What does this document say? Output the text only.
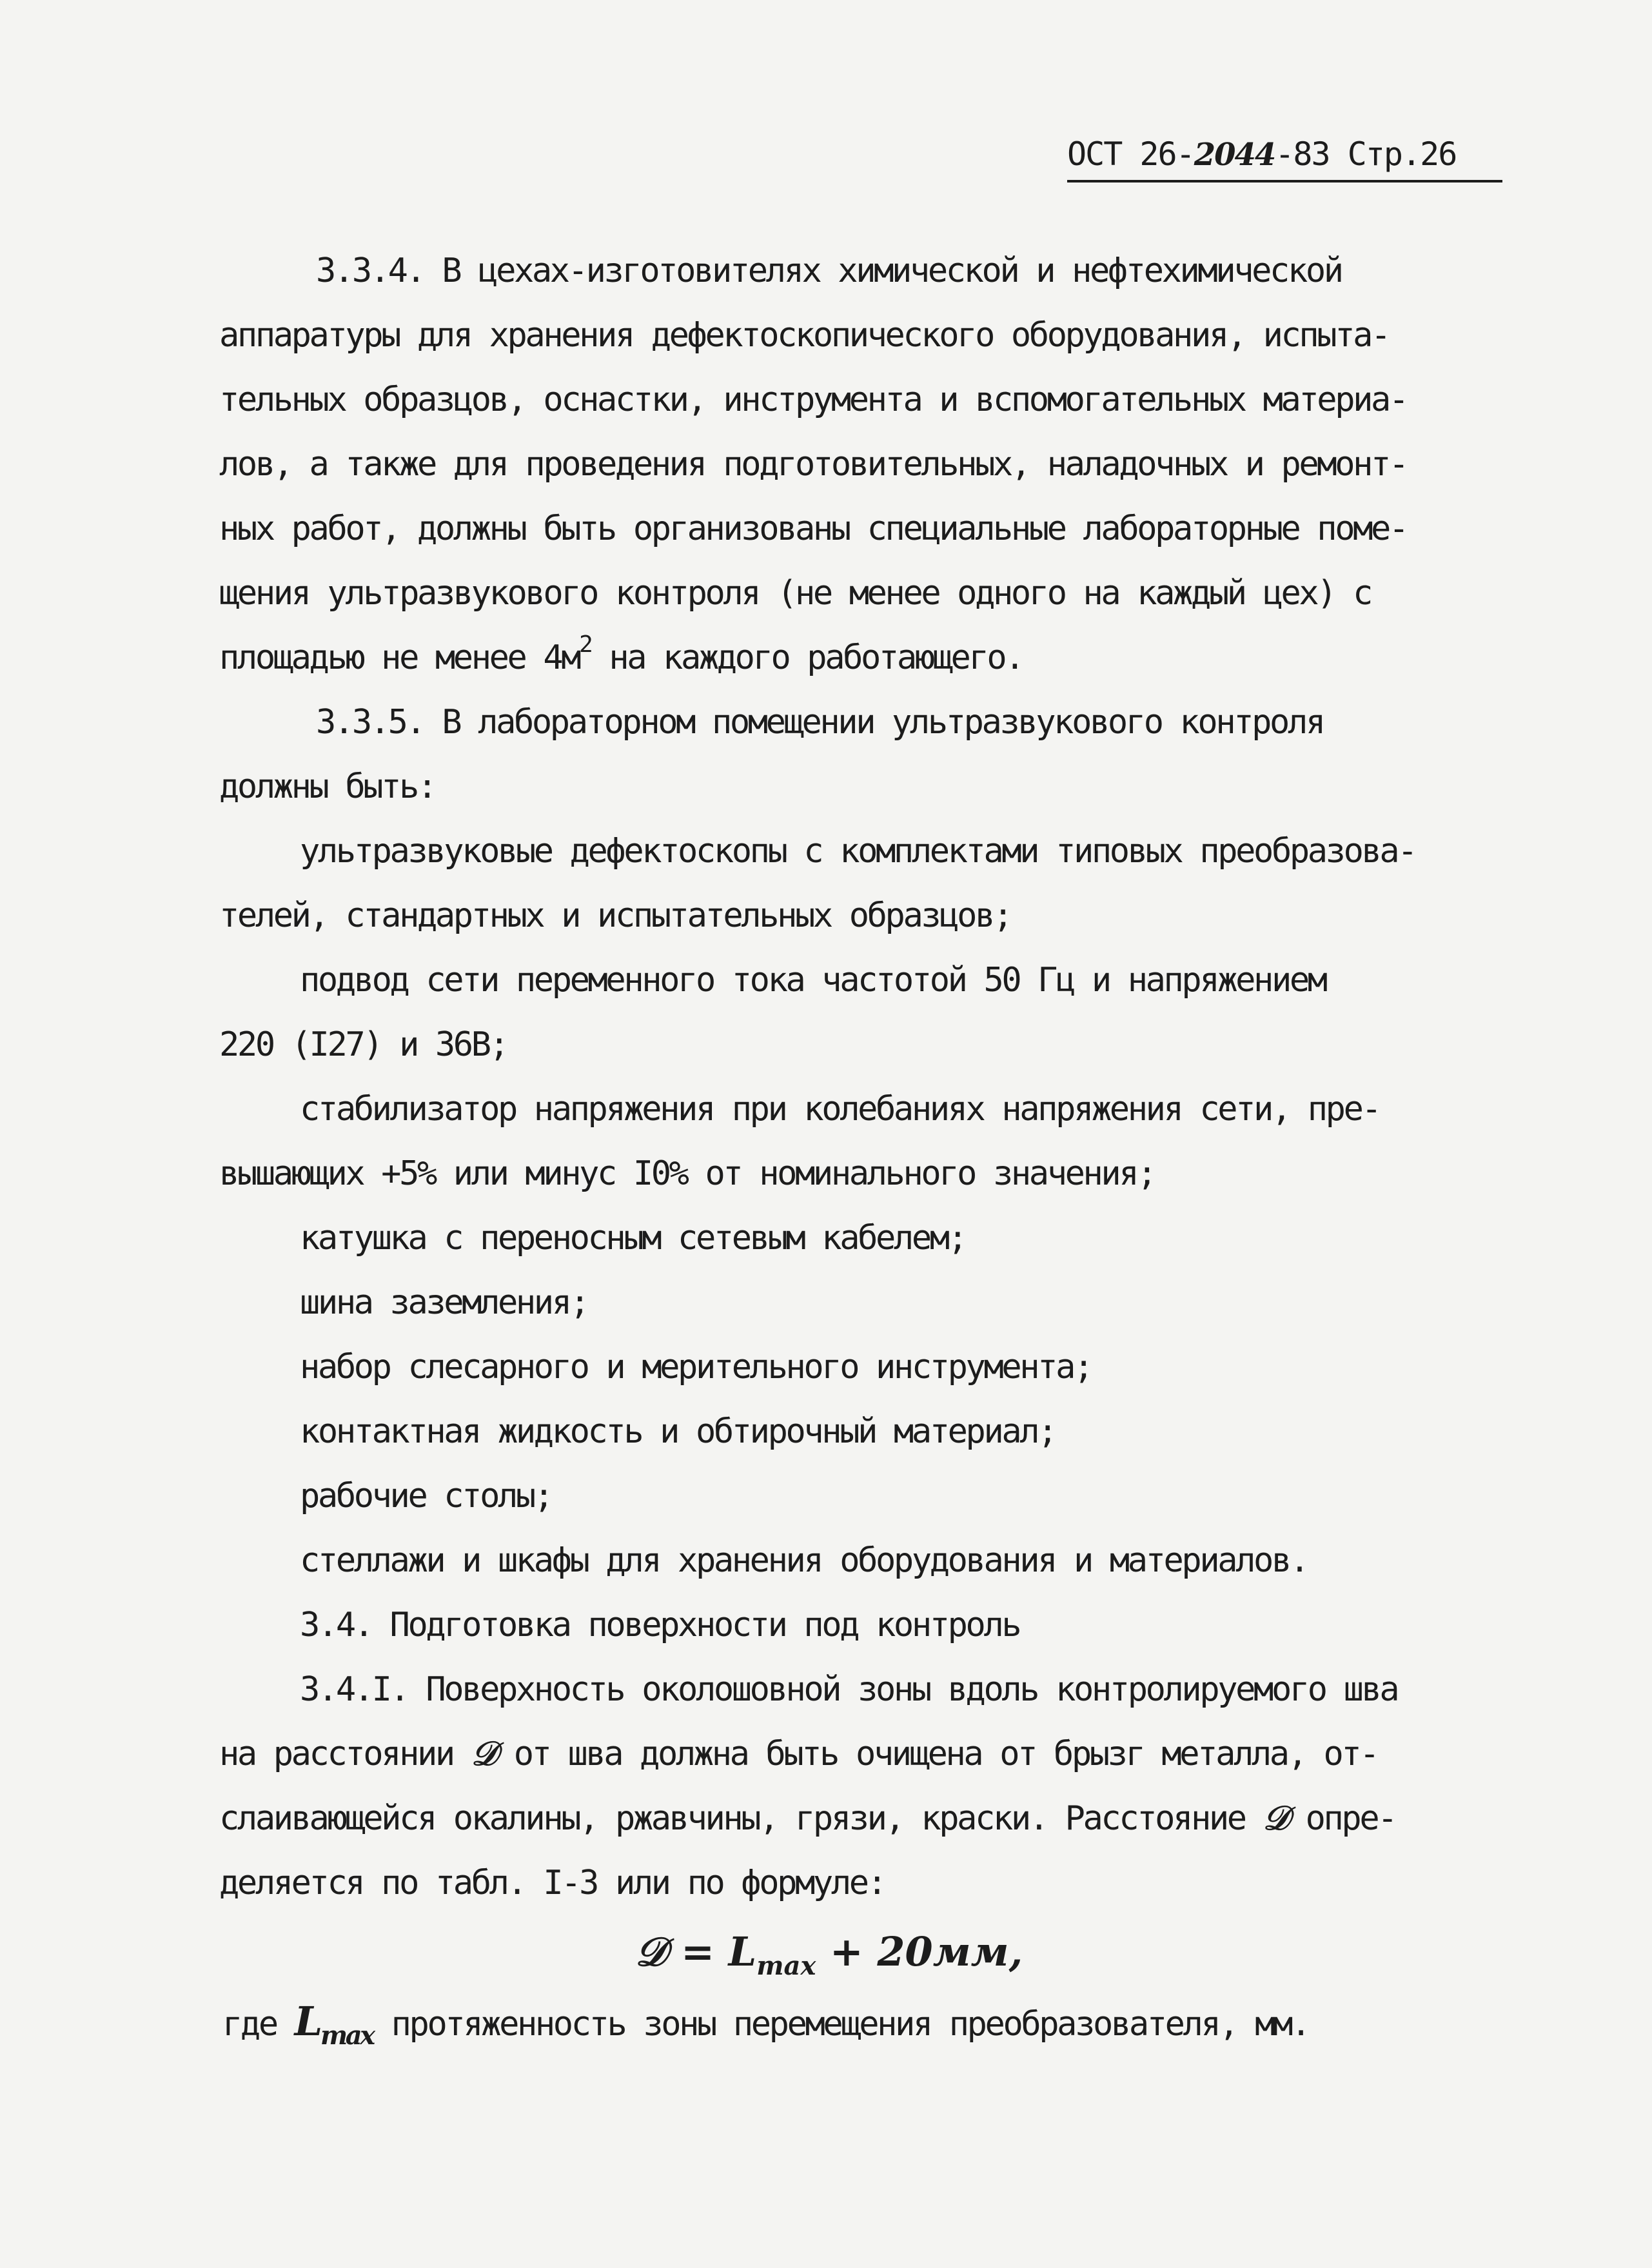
ОСТ 26-2044-83 Стр.26
3.3.4. В цехах-изготовителях химической и нефтехимической
аппаратуры для хранения дефектоскопического оборудования, испыта-
тельных образцов, оснастки, инструмента и вспомогательных материа-
лов, а также для проведения подготовительных, наладочных и ремонт-
ных работ, должны быть организованы специальные лабораторные поме-
щения ультразвукового контроля (не менее одного на каждый цех) с
площадью не менее $4м^2$ на каждого работающего.
3.3.5. В лабораторном помещении ультразвукового контроля
должны быть:
ультразвуковые дефектоскопы с комплектами типовых преобразова-
телей, стандартных и испытательных образцов;
подвод сети переменного тока частотой 50 Гц и напряжением
220 (I27) и 36В;
стабилизатор напряжения при колебаниях напряжения сети, пре-
вышающих +5% или минус I0% от номинального значения;
катушка с переносным сетевым кабелем;
шина заземления;
набор слесарного и мерительного инструмента;
контактная жидкость и обтирочный материал;
рабочие столы;
стеллажи и шкафы для хранения оборудования и материалов.
3.4. Подготовка поверхности под контроль
3.4.I. Поверхность околошовной зоны вдоль контролируемого шва
на расстоянии 𝒟 от шва должна быть очищена от брызг металла, от-
слаивающейся окалины, ржавчины, грязи, краски. Расстояние 𝒟 опре-
деляется по табл. I-3 или по формуле:
𝒟 = $L_{max} + 20мм$,
где $L_{max}$ протяженность зоны перемещения преобразователя, мм.
